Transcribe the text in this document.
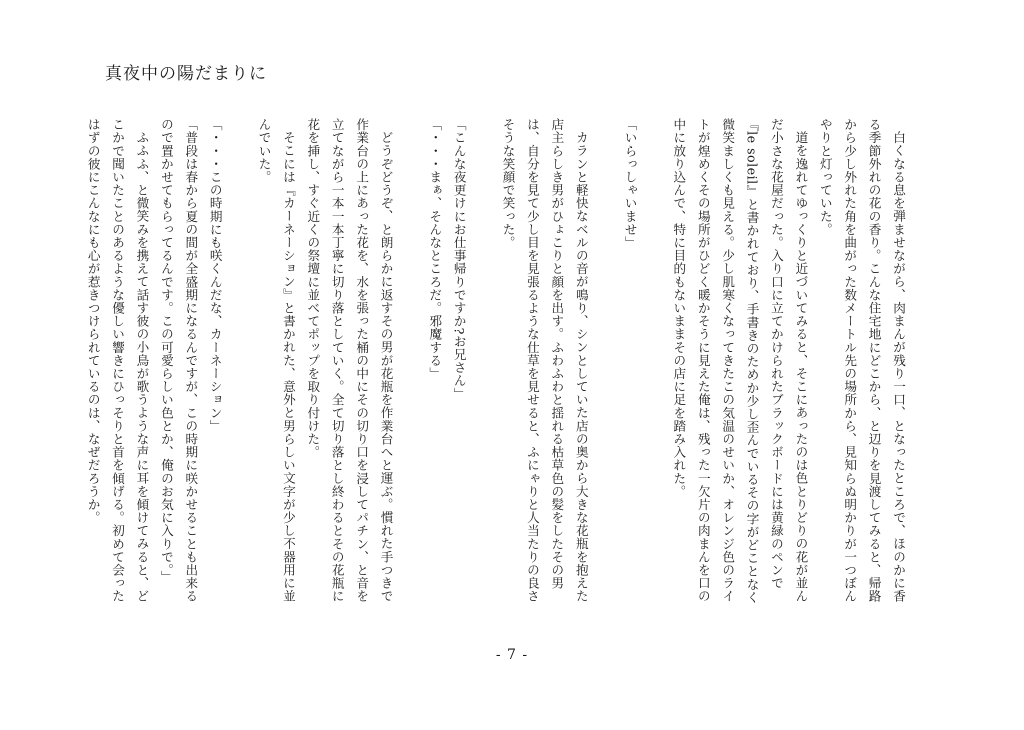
真夜中の陽だまりに

白くなる息を弾ませながら、肉まんが残り一口、となったところで、ほのかに香る季節外れの花の香り。こんな住宅地にどこから、と辺りを見渡してみると、帰路から少し外れた角を曲がった数メートル先の場所から、見知らぬ明かりが一つぼんやりと灯っていた。

道を逸れてゆっくりと近づいてみると、そこにあったのは色とりどりの花が並んだ小さな花屋だった。入り口に立てかけられたブラックボードには黄緑のペンで『le soleil』と書かれており、手書きのためか少し歪んでいるその字がどことなく微笑ましくも見える。少し肌寒くなってきたこの気温のせいか、オレンジ色のライトが煌めくその場所がひどく暖かそうに見えた俺は、残った一欠片の肉まんを口の中に放り込んで、特に目的もないままその店に足を踏み入れた。

「いらっしゃいませ」

カランと軽快なベルの音が鳴り、シンとしていた店の奥から大きな花瓶を抱えた店主らしき男がひょこりと顔を出す。ふわふわと揺れる枯草色の髪をしたその男は、自分を見て少し目を見張るような仕草を見せると、ふにゃりと人当たりの良さそうな笑顔で笑った。

「こんな夜更けにお仕事帰りですか?お兄さん」

「・・・まぁ、そんなところだ。邪魔する」

どうぞどうぞ、と朗らかに返すその男が花瓶を作業台へと運ぶ。慣れた手つきで作業台の上にあった花を、水を張った桶の中にその切り口を浸してパチン、と音を立てながら一本一本丁寧に切り落としていく。全て切り落とし終わるとその花瓶に花を挿し、すぐ近くの祭壇に並べてポップを取り付けた。

そこには『カーネーション』と書かれた、意外と男らしい文字が少し不器用に並んでいた。

「・・・この時期にも咲くんだな、カーネーション」

「普段は春から夏の間が全盛期になるんですが、この時期に咲かせることも出来るので置かせてもらってるんです。この可愛らしい色とか、俺のお気に入りで。」

ふふふ、と微笑みを携えて話す彼の小鳥が歌うような声に耳を傾けてみると、どこかで聞いたことのあるような優しい響きにひっそりと首を傾げる。初めて会ったはずの彼にこんなにも心が惹きつけられているのは、なぜだろうか。

- 7 -
